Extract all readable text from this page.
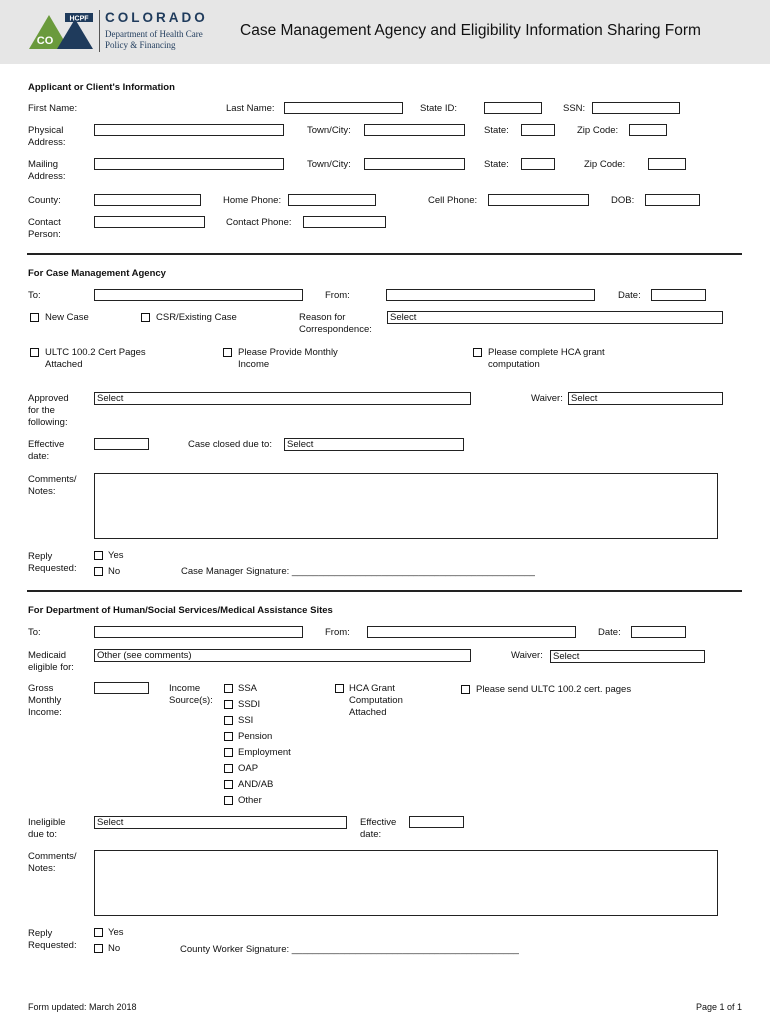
HCPF
CO
COLORADO
Department of Health Care
Policy & Financing
Case Management Agency and Eligibility Information Sharing Form
Applicant or Client's Information
First Name:	Last Name:	State ID:	SSN:
Physical Address:
Town/City:	State:	Zip Code:
Mailing Address:
Town/City:	State:	Zip Code:
County:	Home Phone:	Cell Phone:	DOB:
Contact Person:
Contact Phone:
For Case Management Agency
To:	From:	Date:
New Case	CSR/Existing Case	Reason for Correspondence:
Select
ULTC 100.2 Cert Pages Attached
Please Provide Monthly Income
Please complete HCA grant computation
Approved for the following:
Select	Waiver: Select
Effective date:
Case closed due to:	Select
Comments/ Notes:
Reply Requested:
Yes
No	Case Manager Signature: ______________________________________________
For Department of Human/Social Services/Medical Assistance Sites
To:	From:	Date:
Medicaid eligible for:
Other (see comments)	Waiver:	Select
Gross Monthly Income:
Income Source(s):
SSA
SSDI
SSI
Pension
Employment
OAP
AND/AB
Other
HCA Grant Computation Attached
Please send ULTC 100.2 cert. pages
Ineligible due to:
Select	Effective date:
Comments/ Notes:
Reply Requested:
Yes
No	County Worker Signature: ___________________________________________
Form updated: March 2018	Page 1 of 1
